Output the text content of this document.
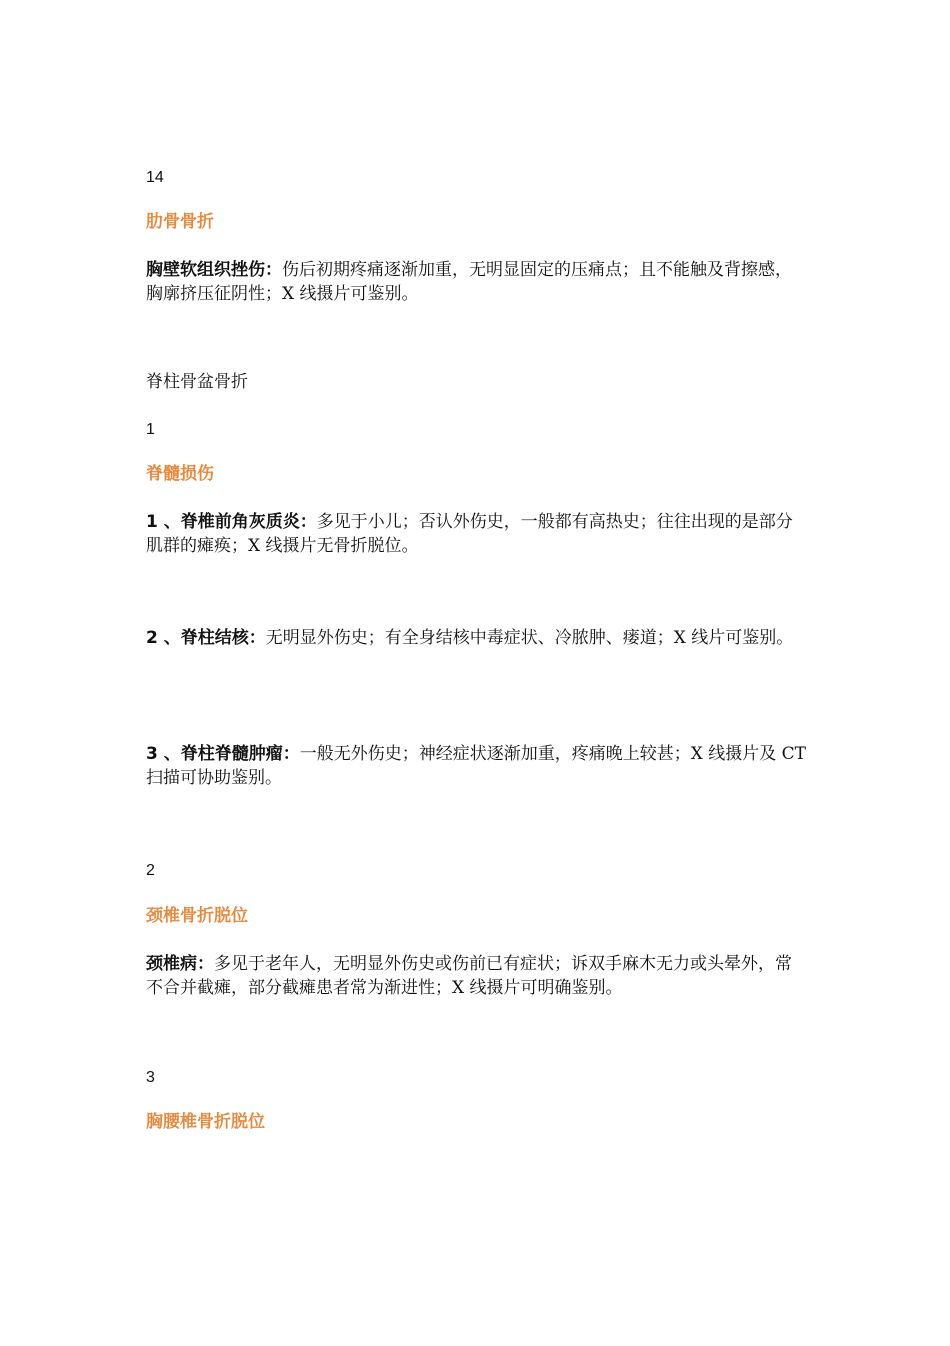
14
肋骨骨折
胸壁软组织挫伤：伤后初期疼痛逐渐加重，无明显固定的压痛点；且不能触及背擦感，胸廓挤压征阴性；X 线摄片可鉴别。
脊柱骨盆骨折
1
脊髓损伤
1 、脊椎前角灰质炎：多见于小儿；否认外伤史，一般都有高热史；往往出现的是部分肌群的瘫痪；X 线摄片无骨折脱位。
2 、脊柱结核：无明显外伤史；有全身结核中毒症状、冷脓肿、瘘道；X 线片可鉴别。
3 、脊柱脊髓肿瘤：一般无外伤史；神经症状逐渐加重，疼痛晚上较甚；X 线摄片及 CT 扫描可协助鉴别。
2
颈椎骨折脱位
颈椎病：多见于老年人，无明显外伤史或伤前已有症状；诉双手麻木无力或头晕外，常不合并截瘫，部分截瘫患者常为渐进性；X 线摄片可明确鉴别。
3
胸腰椎骨折脱位
